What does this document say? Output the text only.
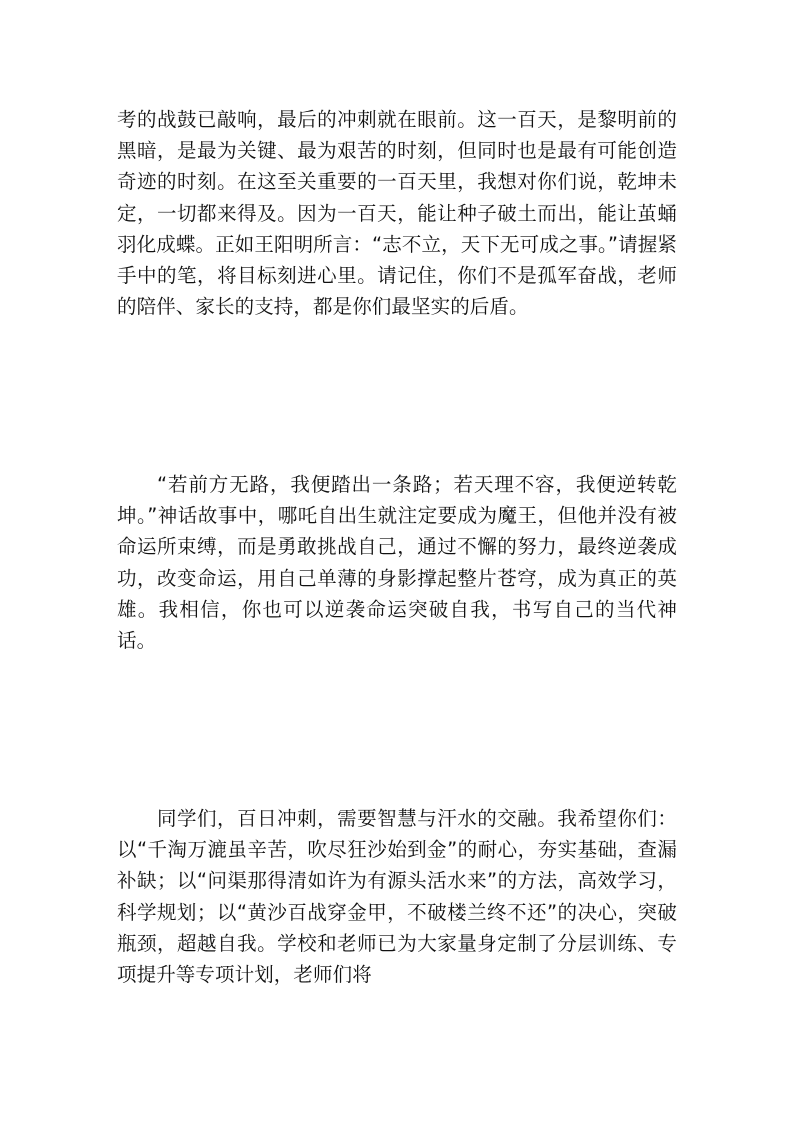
考的战鼓已敲响，最后的冲刺就在眼前。这一百天，是黎明前的黑暗，是最为关键、最为艰苦的时刻，但同时也是最有可能创造奇迹的时刻。在这至关重要的一百天里，我想对你们说，乾坤未定，一切都来得及。因为一百天，能让种子破土而出，能让茧蛹羽化成蝶。正如王阳明所言：“志不立，天下无可成之事。”请握紧手中的笔，将目标刻进心里。请记住，你们不是孤军奋战，老师的陪伴、家长的支持，都是你们最坚实的后盾。

“若前方无路，我便踏出一条路；若天理不容，我便逆转乾坤。”神话故事中，哪吒自出生就注定要成为魔王，但他并没有被命运所束缚，而是勇敢挑战自己，通过不懈的努力，最终逆袭成功，改变命运，用自己单薄的身影撑起整片苍穹，成为真正的英雄。我相信，你也可以逆袭命运突破自我，书写自己的当代神话。

同学们，百日冲刺，需要智慧与汗水的交融。我希望你们：以“千淘万漉虽辛苦，吹尽狂沙始到金”的耐心，夯实基础，查漏补缺；以“问渠那得清如许为有源头活水来”的方法，高效学习，科学规划；以“黄沙百战穿金甲，不破楼兰终不还”的决心，突破瓶颈，超越自我。学校和老师已为大家量身定制了分层训练、专项提升等专项计划，老师们将
